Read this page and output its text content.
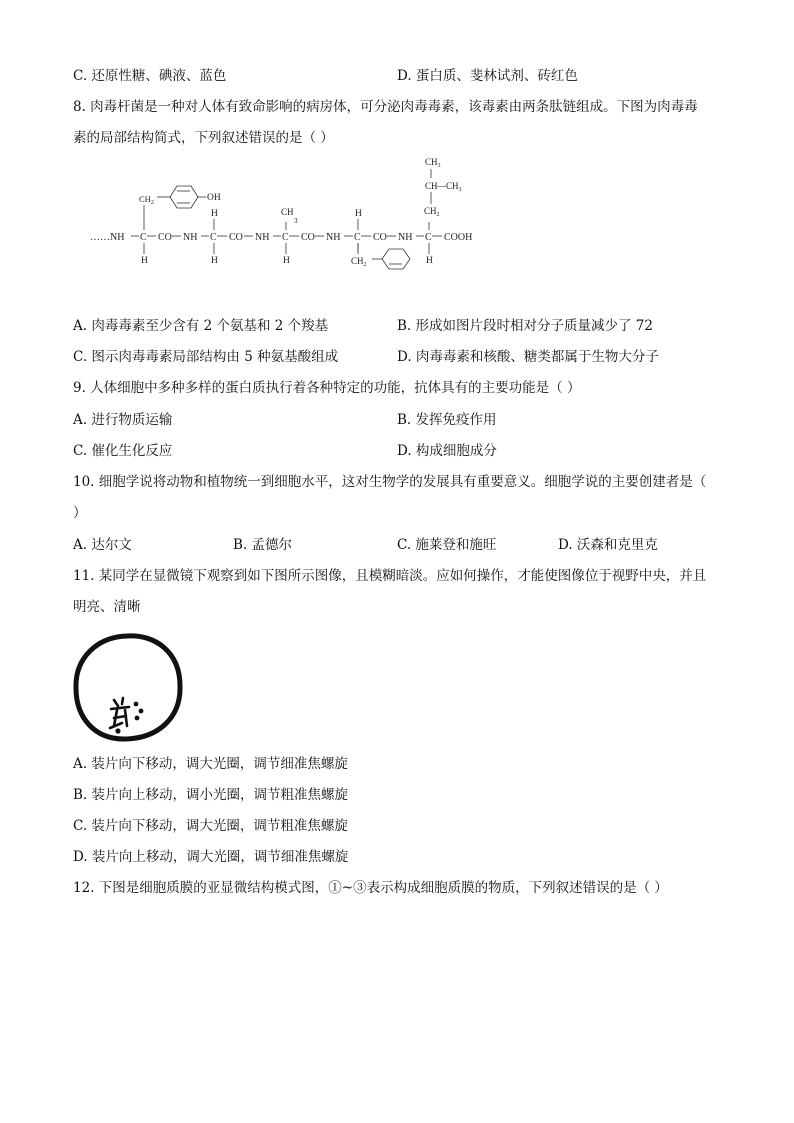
C. 还原性糖、碘液、蓝色	D. 蛋白质、斐林试剂、砖红色
8. 肉毒杆菌是一种对人体有致命影响的病房体，可分泌肉毒毒素，该毒素由两条肽链组成。下图为肉毒毒
素的局部结构简式，下列叙述错误的是（ ）
……NH C CO NH C CO NH C CO NH C CO NH C COOH
H	H	H	H
H	H
$CH_2$	OH
CH
3
$CH_2$
$CH_3$
CH $—CH_3$
$CH_2$
A. 肉毒毒素至少含有 2 个氨基和 2 个羧基	B. 形成如图片段时相对分子质量减少了 72
C. 图示肉毒毒素局部结构由 5 种氨基酸组成	D. 肉毒毒素和核酸、糖类都属于生物大分子
9. 人体细胞中多种多样的蛋白质执行着各种特定的功能，抗体具有的主要功能是（ ）
A. 进行物质运输	B. 发挥免疫作用
C. 催化生化反应	D. 构成细胞成分
10. 细胞学说将动物和植物统一到细胞水平，这对生物学的发展具有重要意义。细胞学说的主要创建者是（
）
A. 达尔文	B. 孟德尔	C. 施莱登和施旺	D. 沃森和克里克
11. 某同学在显微镜下观察到如下图所示图像，且模糊暗淡。应如何操作，才能使图像位于视野中央，并且
明亮、清晰
A. 装片向下移动，调大光圈，调节细准焦螺旋
B. 装片向上移动，调小光圈，调节粗准焦螺旋
C. 装片向下移动，调大光圈，调节粗准焦螺旋
D. 装片向上移动，调大光圈，调节细准焦螺旋
12. 下图是细胞质膜的亚显微结构模式图，①~③表示构成细胞质膜的物质，下列叙述错误的是（ ）
